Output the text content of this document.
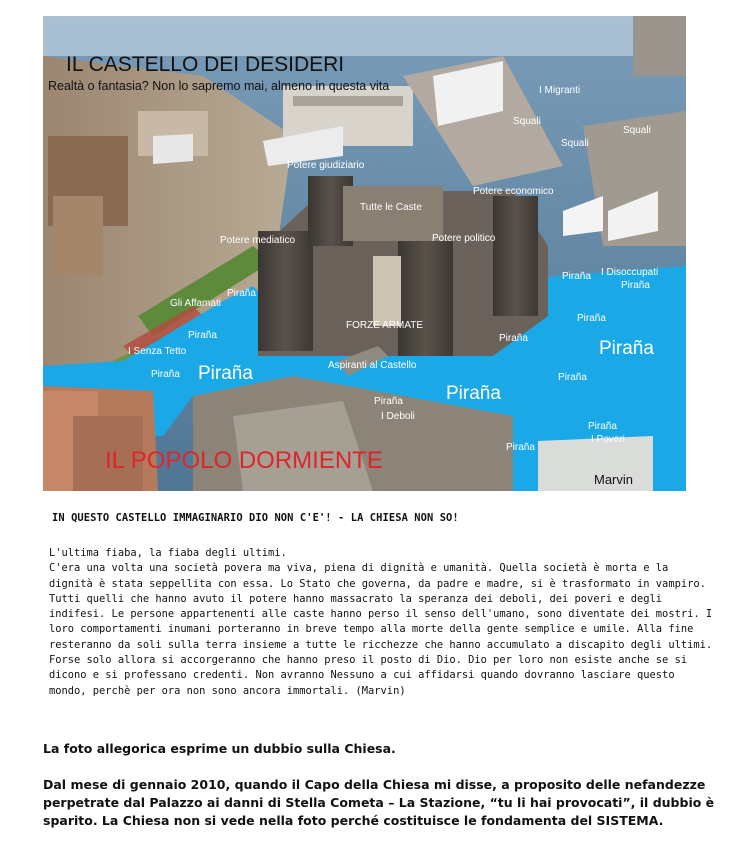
I Migranti
Squali
Squali
Squali
Potere giudiziario
Potere economico
Tutte le Caste
Potere mediatico	Potere politico
I Disoccupati
Piraña
Piraña
Piraña
Gli Affamati
Piraña
FORZE ARMATE
Piraña	Piraña	Piraña
I Senza Tetto
Aspiranti al Castello
Piraña
Piraña	Piraña
Piraña
Piraña
I Deboli
Piraña
I Poveri
Piraña
IL CASTELLO DEI DESIDERI
Realtà o fantasia? Non lo sapremo mai, almeno in questa vita
IL POPOLO DORMIENTE
Marvin
IN QUESTO CASTELLO IMMAGINARIO DIO NON C'E'! - LA CHIESA NON SO!

L'ultima fiaba, la fiaba degli ultimi.

C'era una volta una società povera ma viva, piena di dignità e umanità. Quella società è morta e la

dignità è stata seppellita con essa. Lo Stato che governa, da padre e madre, si è trasformato in vampiro.

Tutti quelli che hanno avuto il potere hanno massacrato la speranza dei deboli, dei poveri e degli

indifesi. Le persone appartenenti alle caste hanno perso il senso dell'umano, sono diventate dei mostri. I

loro comportamenti inumani porteranno in breve tempo alla morte della gente semplice e umile. Alla fine

resteranno da soli sulla terra insieme a tutte le ricchezze che hanno accumulato a discapito degli ultimi.

Forse solo allora si accorgeranno che hanno preso il posto di Dio. Dio per loro non esiste anche se si

dicono e si professano credenti. Non avranno Nessuno a cui affidarsi quando dovranno lasciare questo

mondo, perchè per ora non sono ancora immortali. (Marvin)

La foto allegorica esprime un dubbio sulla Chiesa.

Dal mese di gennaio 2010, quando il Capo della Chiesa mi disse, a proposito delle nefandezze

perpetrate dal Palazzo ai danni di Stella Cometa – La Stazione, “tu li hai provocati”, il dubbio è

sparito. La Chiesa non si vede nella foto perché costituisce le fondamenta del SISTEMA.
